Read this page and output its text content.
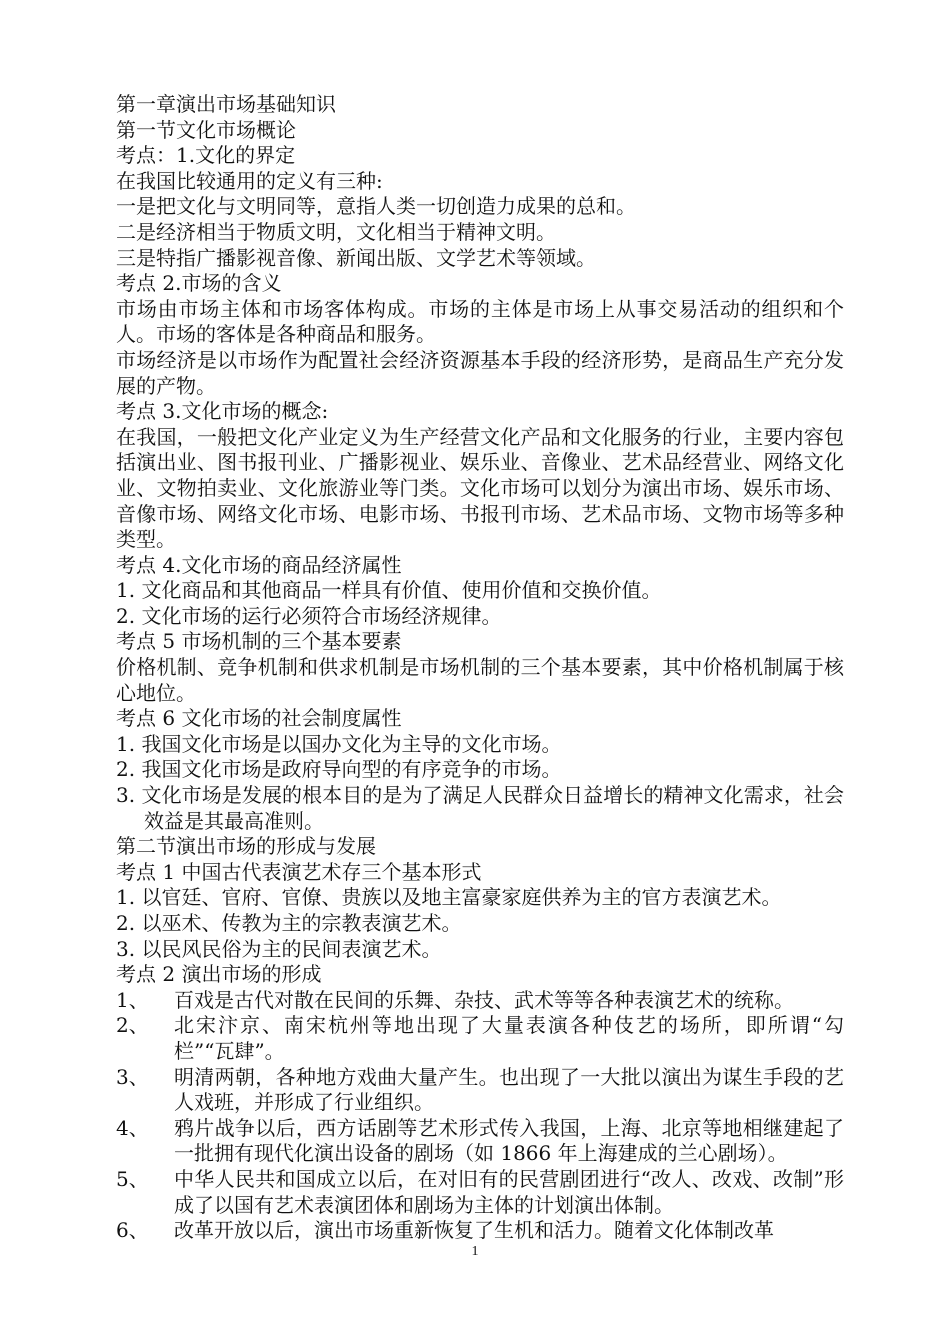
第一章演出市场基础知识

第一节文化市场概论

考点：1.文化的界定

在我国比较通用的定义有三种:

一是把文化与文明同等，意指人类一切创造力成果的总和。

二是经济相当于物质文明，文化相当于精神文明。

三是特指广播影视音像、新闻出版、文学艺术等领域。

考点 2.市场的含义

市场由市场主体和市场客体构成。市场的主体是市场上从事交易活动的组织和个人。市场的客体是各种商品和服务。

市场经济是以市场作为配置社会经济资源基本手段的经济形势，是商品生产充分发展的产物。

考点 3.文化市场的概念:

在我国，一般把文化产业定义为生产经营文化产品和文化服务的行业，主要内容包括演出业、图书报刊业、广播影视业、娱乐业、音像业、艺术品经营业、网络文化业、文物拍卖业、文化旅游业等门类。文化市场可以划分为演出市场、娱乐市场、音像市场、网络文化市场、电影市场、书报刊市场、艺术品市场、文物市场等多种类型。

考点 4.文化市场的商品经济属性

1. 文化商品和其他商品一样具有价值、使用价值和交换价值。

2. 文化市场的运行必须符合市场经济规律。

考点 5 市场机制的三个基本要素

价格机制、竞争机制和供求机制是市场机制的三个基本要素，其中价格机制属于核心地位。

考点 6 文化市场的社会制度属性

1. 我国文化市场是以国办文化为主导的文化市场。

2. 我国文化市场是政府导向型的有序竞争的市场。

3. 文化市场是发展的根本目的是为了满足人民群众日益增长的精神文化需求，社会效益是其最高准则。

第二节演出市场的形成与发展

考点 1 中国古代表演艺术存三个基本形式

1. 以官廷、官府、官僚、贵族以及地主富豪家庭供养为主的官方表演艺术。

2. 以巫术、传教为主的宗教表演艺术。

3. 以民风民俗为主的民间表演艺术。

考点 2 演出市场的形成

1、	百戏是古代对散在民间的乐舞、杂技、武术等等各种表演艺术的统称。
2、	北宋汴京、南宋杭州等地出现了大量表演各种伎艺的场所，即所谓“勾栏”“瓦肆”。
3、	明清两朝，各种地方戏曲大量产生。也出现了一大批以演出为谋生手段的艺人戏班，并形成了行业组织。
4、	鸦片战争以后，西方话剧等艺术形式传入我国，上海、北京等地相继建起了一批拥有现代化演出设备的剧场（如 1866 年上海建成的兰心剧场）。
5、	中华人民共和国成立以后，在对旧有的民营剧团进行“改人、改戏、改制”形成了以国有艺术表演团体和剧场为主体的计划演出体制。
6、	改革开放以后，演出市场重新恢复了生机和活力。随着文化体制改革
1
